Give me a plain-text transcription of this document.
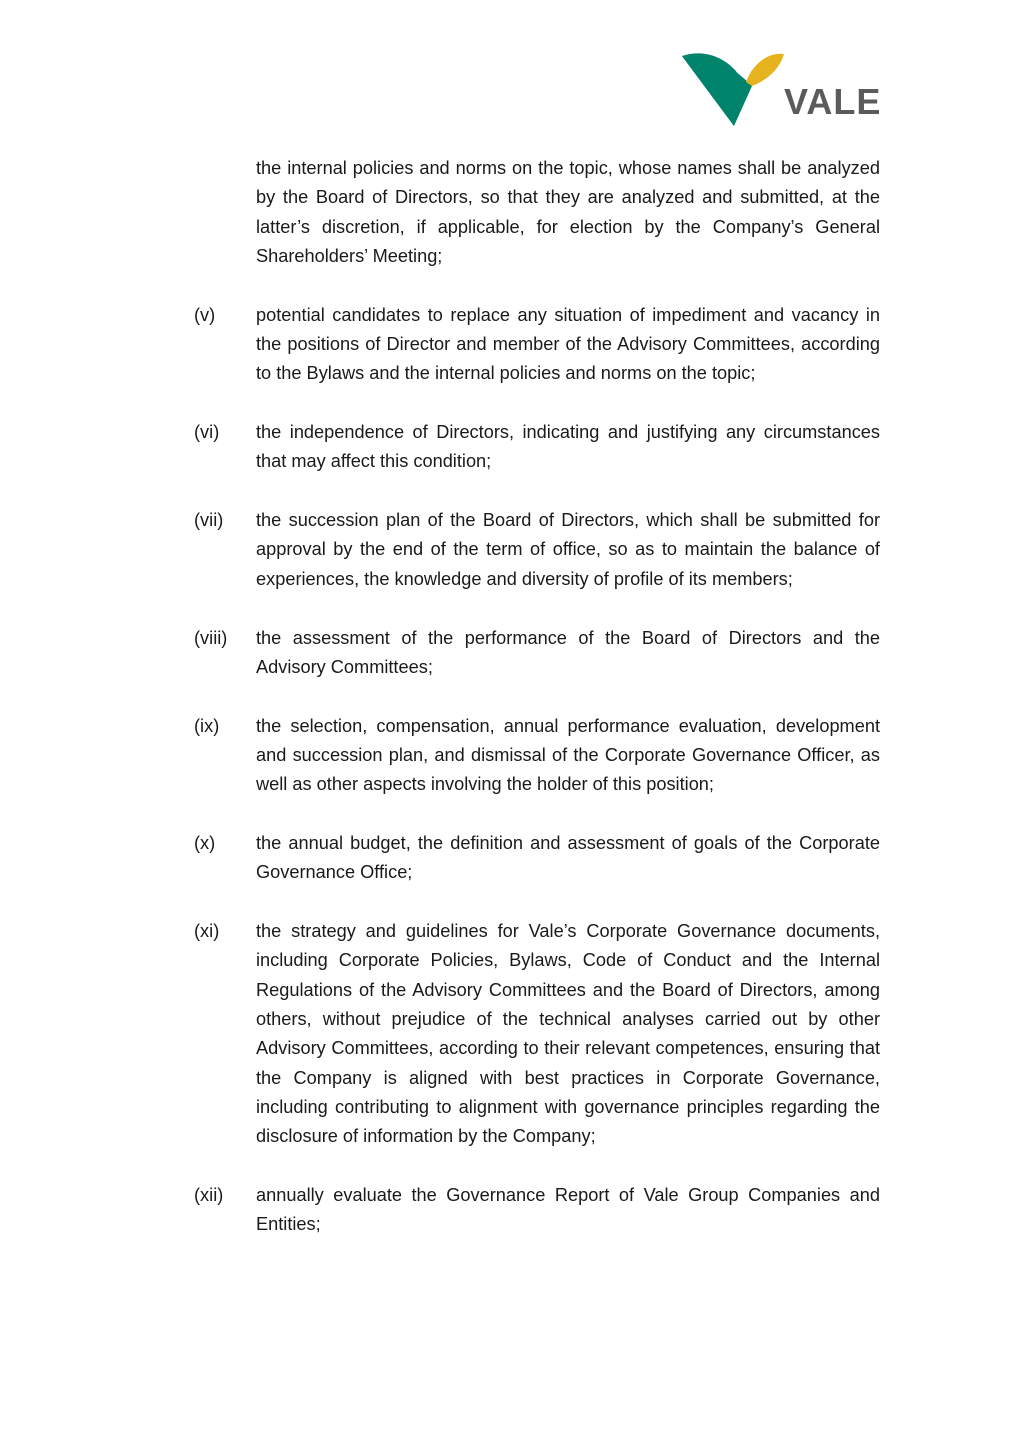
VALE
the internal policies and norms on the topic, whose names shall be analyzed by the Board of Directors, so that they are analyzed and submitted, at the latter’s discretion, if applicable, for election by the Company’s General Shareholders’ Meeting;
(v)	potential candidates to replace any situation of impediment and vacancy in the positions of Director and member of the Advisory Committees, according to the Bylaws and the internal policies and norms on the topic;
(vi)	the independence of Directors, indicating and justifying any circumstances that may affect this condition;
(vii)	the succession plan of the Board of Directors, which shall be submitted for approval by the end of the term of office, so as to maintain the balance of experiences, the knowledge and diversity of profile of its members;
(viii)	the assessment of the performance of the Board of Directors and the Advisory Committees;
(ix)	the selection, compensation, annual performance evaluation, development and succession plan, and dismissal of the Corporate Governance Officer, as well as other aspects involving the holder of this position;
(x)	the annual budget, the definition and assessment of goals of the Corporate Governance Office;
(xi)	the strategy and guidelines for Vale’s Corporate Governance documents, including Corporate Policies, Bylaws, Code of Conduct and the Internal Regulations of the Advisory Committees and the Board of Directors, among others, without prejudice of the technical analyses carried out by other Advisory Committees, according to their relevant competences, ensuring that the Company is aligned with best practices in Corporate Governance, including contributing to alignment with governance principles regarding the disclosure of information by the Company;
(xii)	annually evaluate the Governance Report of Vale Group Companies and Entities;
